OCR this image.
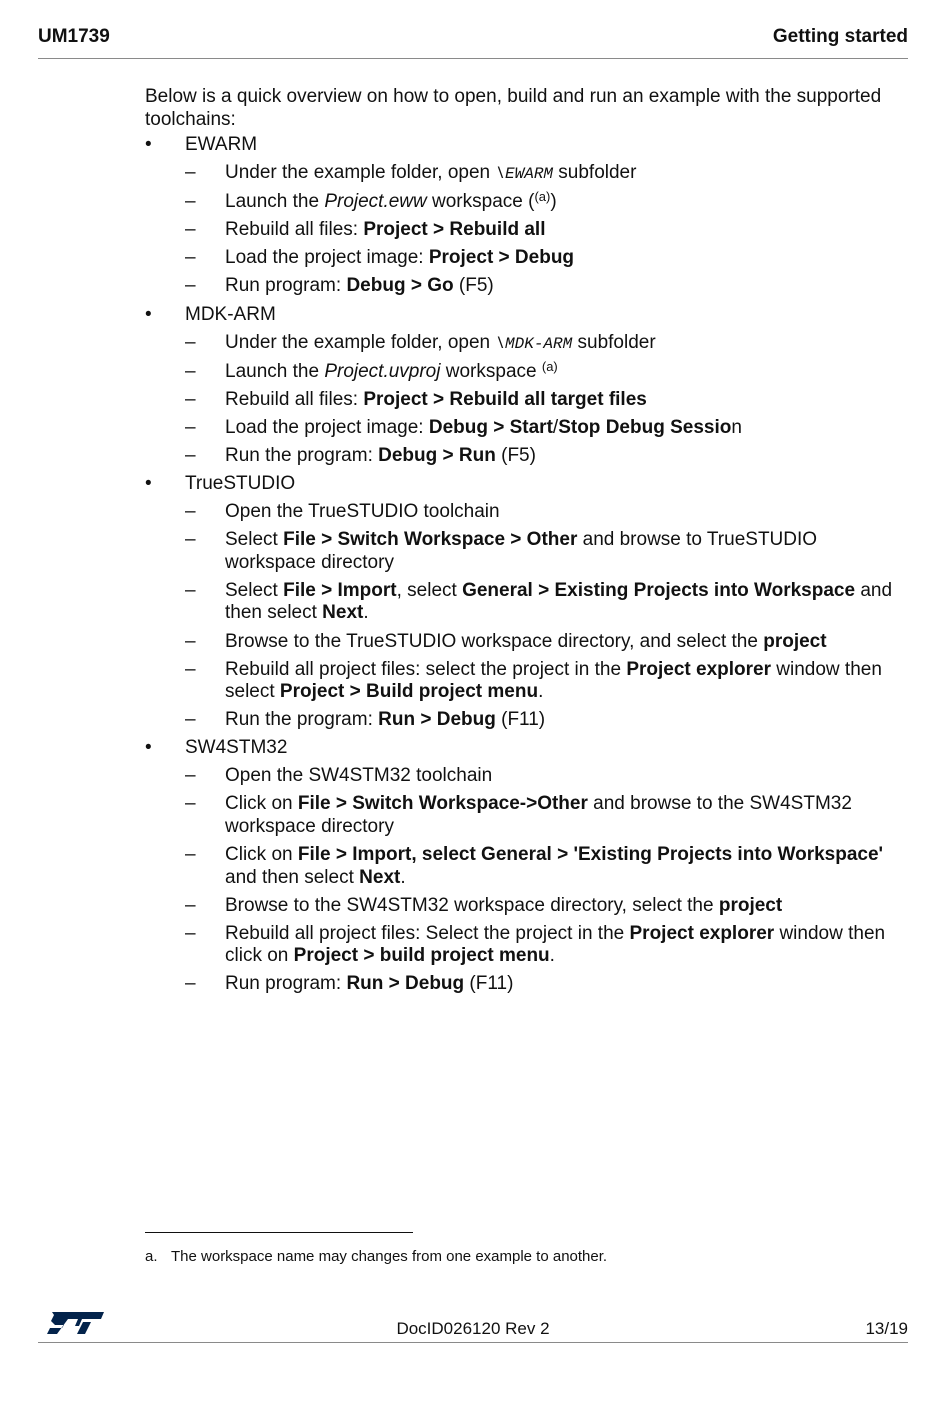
UM1739	Getting started

Below is a quick overview on how to open, build and run an example with the supported toolchains:

•	EWARM
–	Under the example folder, open \EWARM subfolder
–	Launch the Project.eww workspace ($^{(a)}$)
–	Rebuild all files: Project > Rebuild all
–	Load the project image: Project > Debug
–	Run program: Debug > Go (F5)
•	MDK-ARM
–	Under the example folder, open \MDK-ARM subfolder
–	Launch the Project.uvproj workspace $^{(a)}$
–	Rebuild all files: Project > Rebuild all target files
–	Load the project image: Debug > Start/Stop Debug Session
–	Run the program: Debug > Run (F5)
•	TrueSTUDIO
–	Open the TrueSTUDIO toolchain
–	Select File > Switch Workspace > Other and browse to TrueSTUDIO workspace directory
–	Select File > Import, select General > Existing Projects into Workspace and then select Next.
–	Browse to the TrueSTUDIO workspace directory, and select the project
–	Rebuild all project files: select the project in the Project explorer window then select Project > Build project menu.
–	Run the program: Run > Debug (F11)
•	SW4STM32
–	Open the SW4STM32 toolchain
–	Click on File > Switch Workspace->Other and browse to the SW4STM32 workspace directory
–	Click on File > Import, select General > 'Existing Projects into Workspace' and then select Next.
–	Browse to the SW4STM32 workspace directory, select the project
–	Rebuild all project files: Select the project in the Project explorer window then click on Project > build project menu.
–	Run program: Run > Debug (F11)
a. The workspace name may changes from one example to another.
DocID026120 Rev 2	13/19
